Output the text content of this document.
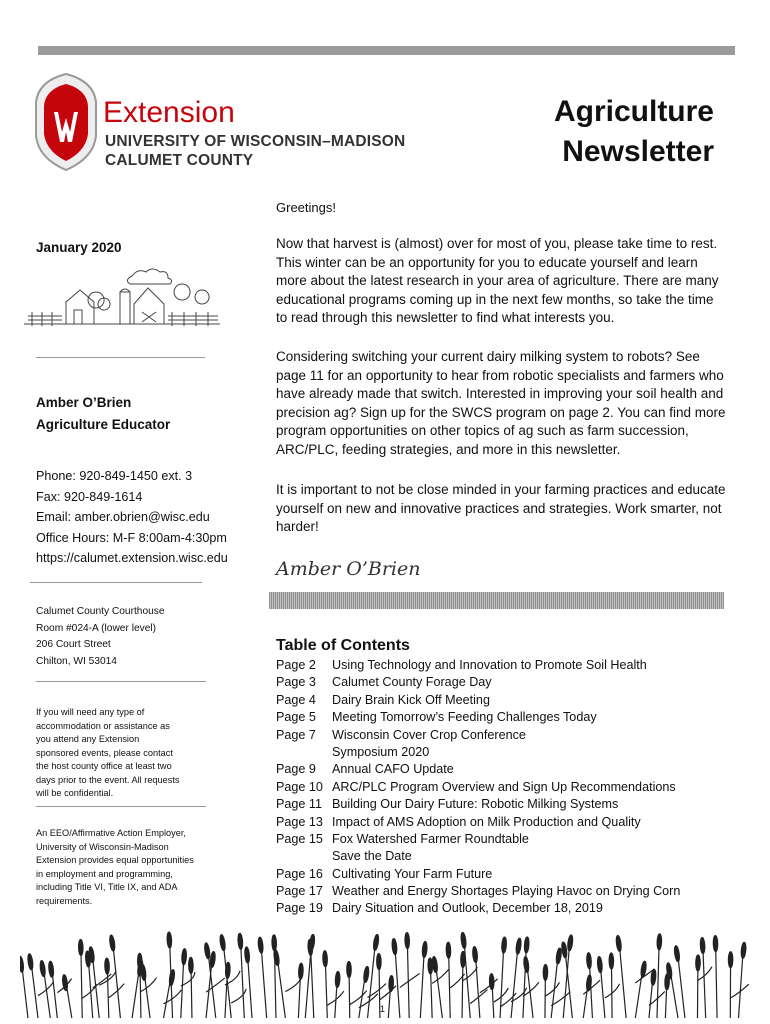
Extension
UNIVERSITY OF WISCONSIN–MADISON
CALUMET COUNTY
Agriculture
Newsletter
Greetings!
January 2020
Amber O’Brien
Agriculture Educator
Phone: 920-849-1450 ext. 3
Fax: 920-849-1614
Email: amber.obrien@wisc.edu
Office Hours: M-F 8:00am-4:30pm
https://calumet.extension.wisc.edu
Calumet County Courthouse
Room #024-A (lower level)
206 Court Street
Chilton, WI 53014
If you will need any type of
accommodation or assistance as
you attend any Extension
sponsored events, please contact
the host county office at least two
days prior to the event. All requests
will be confidential.
An EEO/Affirmative Action Employer,
University of Wisconsin-Madison
Extension provides equal opportunities
in employment and programming,
including Title VI, Title IX, and ADA
requirements.
Now that harvest is (almost) over for most of you, please take time to rest. This winter can be an opportunity for you to educate yourself and learn more about the latest research in your area of agriculture. There are many educational programs coming up in the next few months, so take the time to read through this newsletter to find what interests you.
Considering switching your current dairy milking system to robots? See page 11 for an opportunity to hear from robotic specialists and farmers who have already made that switch. Interested in improving your soil health and precision ag? Sign up for the SWCS program on page 2. You can find more program opportunities on other topics of ag such as farm succession, ARC/PLC, feeding strategies, and more in this newsletter.
It is important to not be close minded in your farming practices and educate yourself on new and innovative practices and strategies. Work smarter, not harder!
Amber O’Brien
Table of Contents
Page 2	Using Technology and Innovation to Promote Soil Health
Page 3	Calumet County Forage Day
Page 4	Dairy Brain Kick Off Meeting
Page 5	Meeting Tomorrow’s Feeding Challenges Today
Page 7	Wisconsin Cover Crop Conference
Symposium 2020
Page 9	Annual CAFO Update
Page 10 ARC/PLC Program Overview and Sign Up Recommendations
Page 11 Building Our Dairy Future: Robotic Milking Systems
Page 13 Impact of AMS Adoption on Milk Production and Quality
Page 15 Fox Watershed Farmer Roundtable
Save the Date
Page 16 Cultivating Your Farm Future
Page 17 Weather and Energy Shortages Playing Havoc on Drying Corn
Page 19 Dairy Situation and Outlook, December 18, 2019
1
